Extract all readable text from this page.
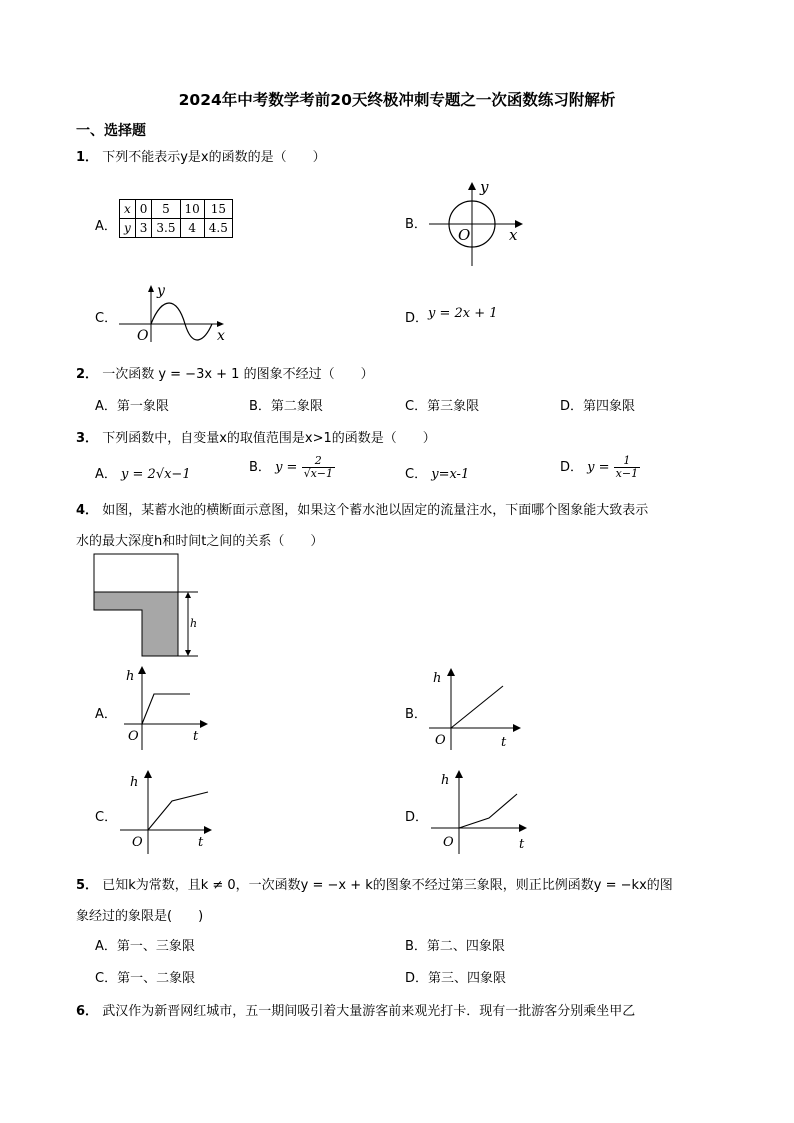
2024年中考数学考前20天终极冲刺专题之一次函数练习附解析
一、选择题
1． 下列不能表示y是x的函数的是（　　）
A．
x	0	5	10	15
y	3	3.5	4	4.5	B．
y
x
O
C．
y
x
O
D． y = 2x + 1
2． 一次函数 y = −3x + 1 的图象不经过（　　）
A．第一象限	B．第二象限	C．第三象限	D．第四象限
3． 下列函数中，自变量x的取值范围是x>1的函数是（　　）
A． y = 2√x−1	B． $y = \frac{2}{√x-1}$	C． y=x-1	D． $y = \frac{1}{x-1}$
4． 如图，某蓄水池的横断面示意图，如果这个蓄水池以固定的流量注水，下面哪个图象能大致表示
水的最大深度h和时间t之间的关系（　　）
h
A．
h
t
O
B．
h
t
O
C．
h
t
O
D．
h
t
O
5． 已知k为常数，且k ≠ 0，一次函数y = −x + k的图象不经过第三象限，则正比例函数y = −kx的图
象经过的象限是(　　)
A．第一、三象限	B．第二、四象限
C．第一、二象限	D．第三、四象限
6． 武汉作为新晋网红城市，五一期间吸引着大量游客前来观光打卡．现有一批游客分别乘坐甲乙
